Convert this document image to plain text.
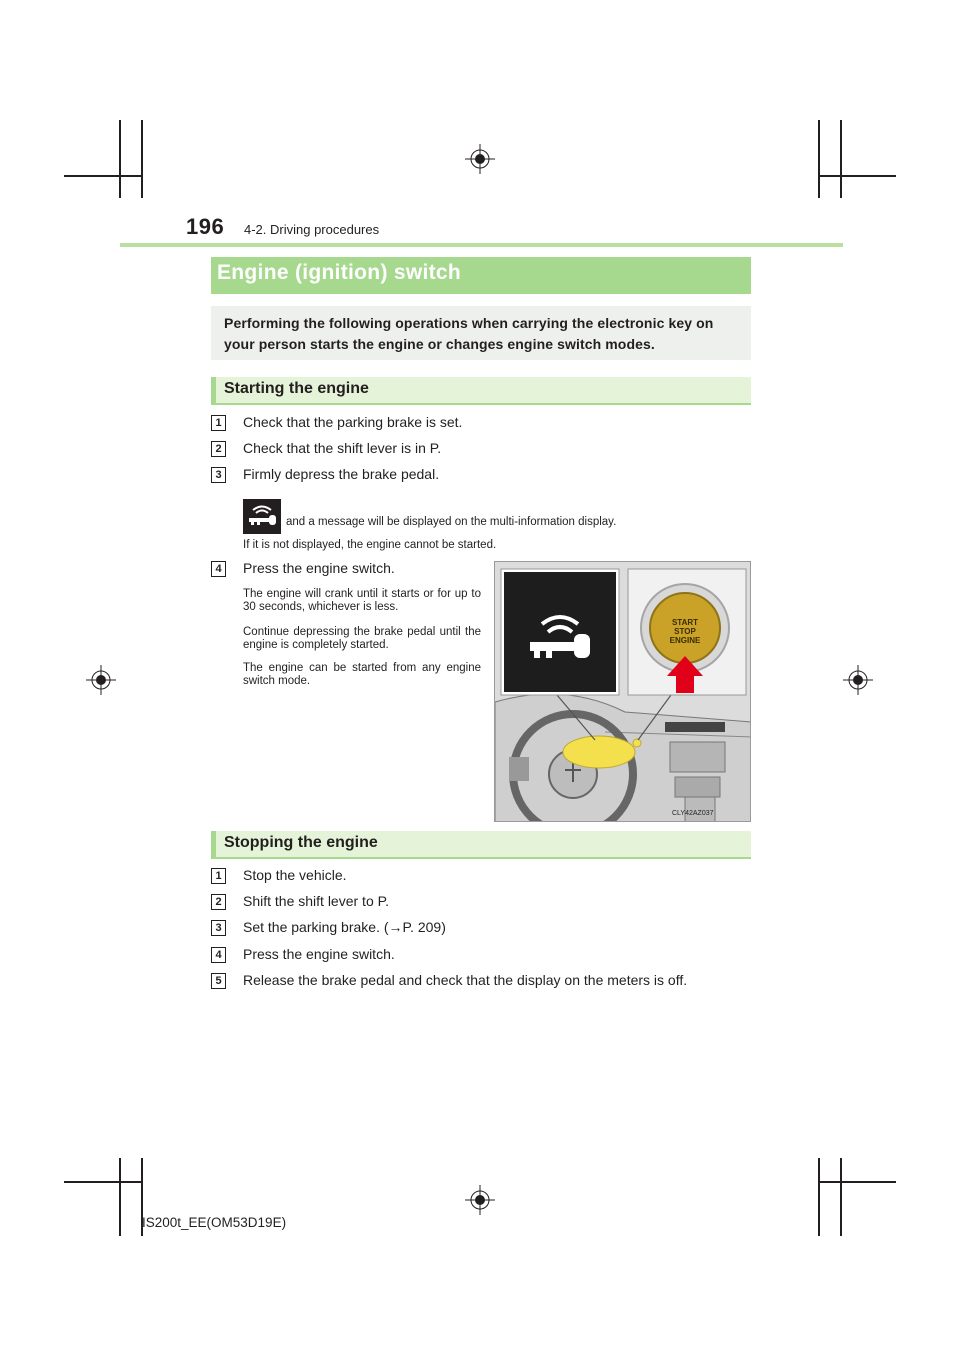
196 4-2. Driving procedures
Engine (ignition) switch

Performing the following operations when carrying the electronic key on your person starts the engine or changes engine switch modes.

Starting the engine
1	Check that the parking brake is set.
2	Check that the shift lever is in P.
3	Firmly depress the brake pedal.
and a message will be displayed on the multi-information display.
If it is not displayed, the engine cannot be started.
4	Press the engine switch.
The engine will crank until it starts or for up to 30 seconds, whichever is less.
Continue depressing the brake pedal until the engine is completely started.
The engine can be started from any engine switch mode.
START
STOP
ENGINE
CLY42AZ037
Stopping the engine
1	Stop the vehicle.
2	Shift the shift lever to P.
3	Set the parking brake. (→P. 209)
4	Press the engine switch.
5	Release the brake pedal and check that the display on the meters is off.
IS200t_EE(OM53D19E)
